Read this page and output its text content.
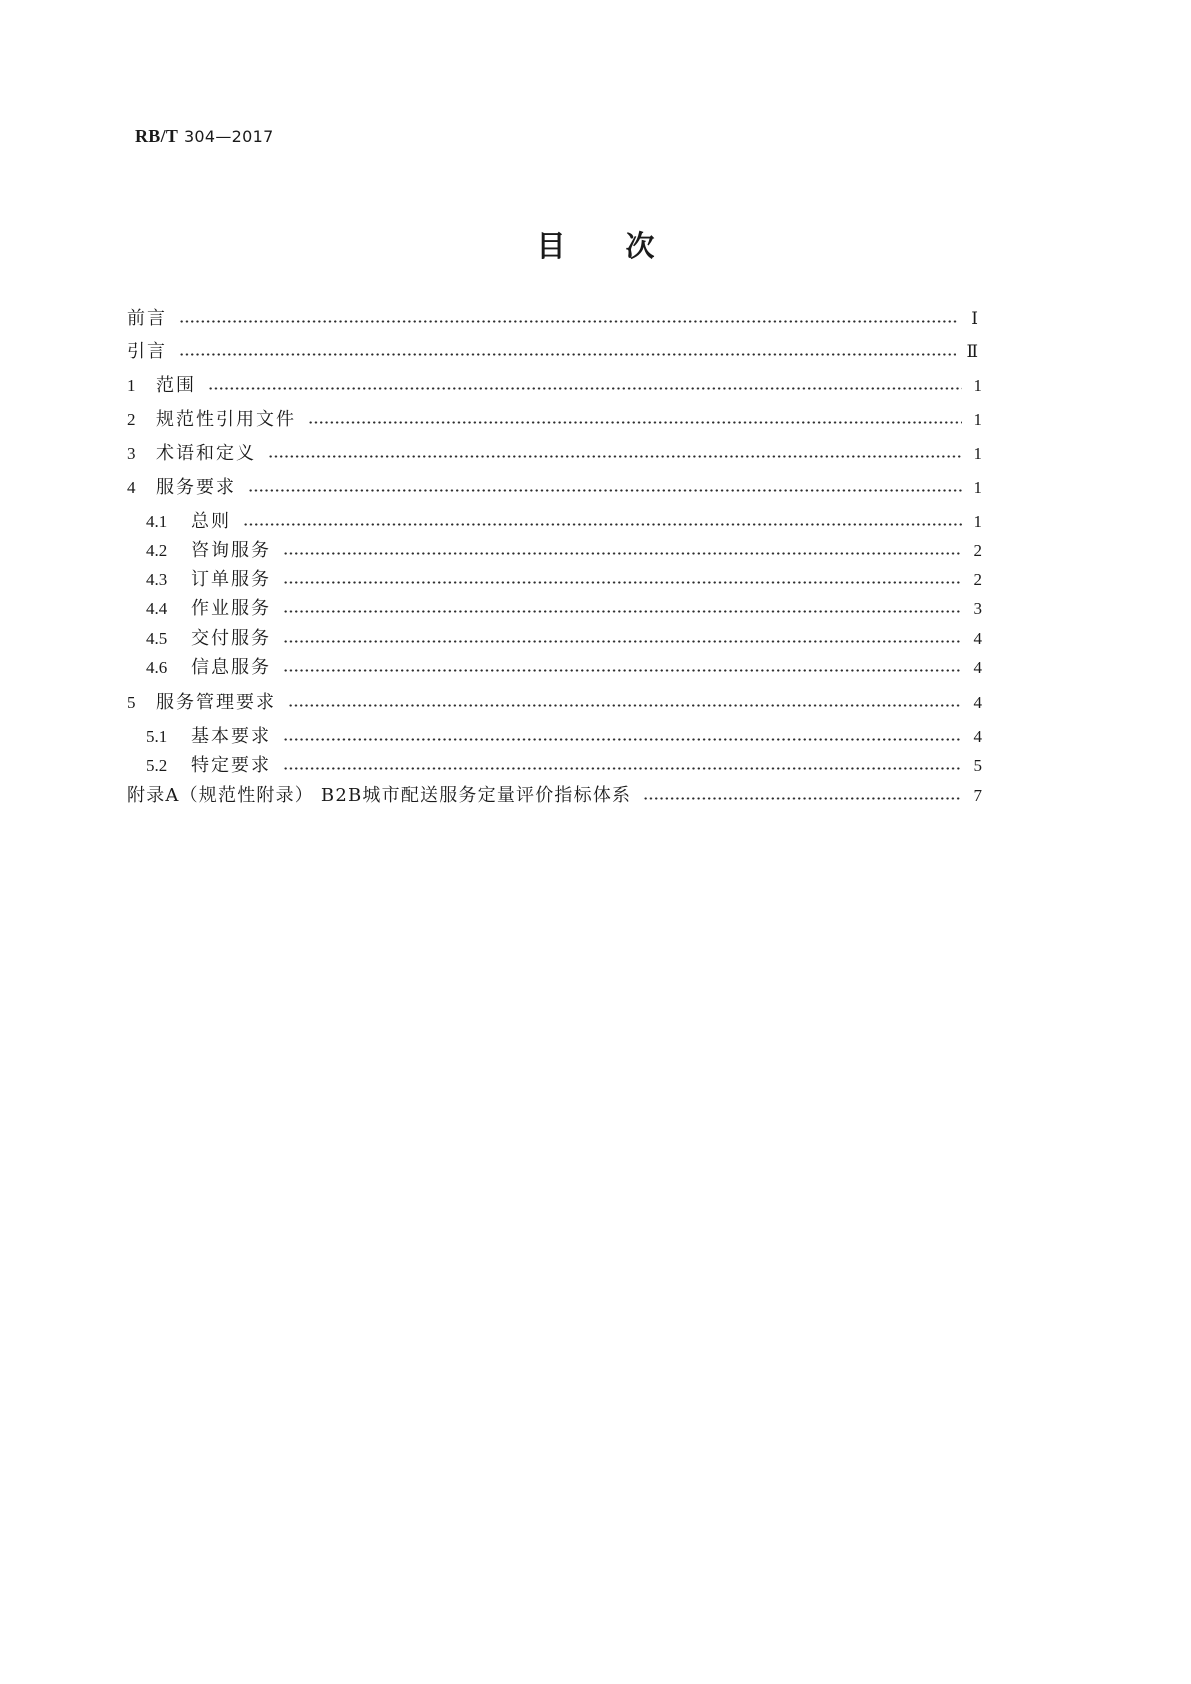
RB/T 304—2017
目次
前言	Ⅰ
引言	Ⅱ
1	范围	1
2	规范性引用文件	1
3	术语和定义	1
4	服务要求	1
4.1	总则	1
4.2	咨询服务	2
4.3	订单服务	2
4.4	作业服务	3
4.5	交付服务	4
4.6	信息服务	4
5	服务管理要求	4
5.1	基本要求	4
5.2	特定要求	5
附录A（规范性附录） B2B城市配送服务定量评价指标体系	7
